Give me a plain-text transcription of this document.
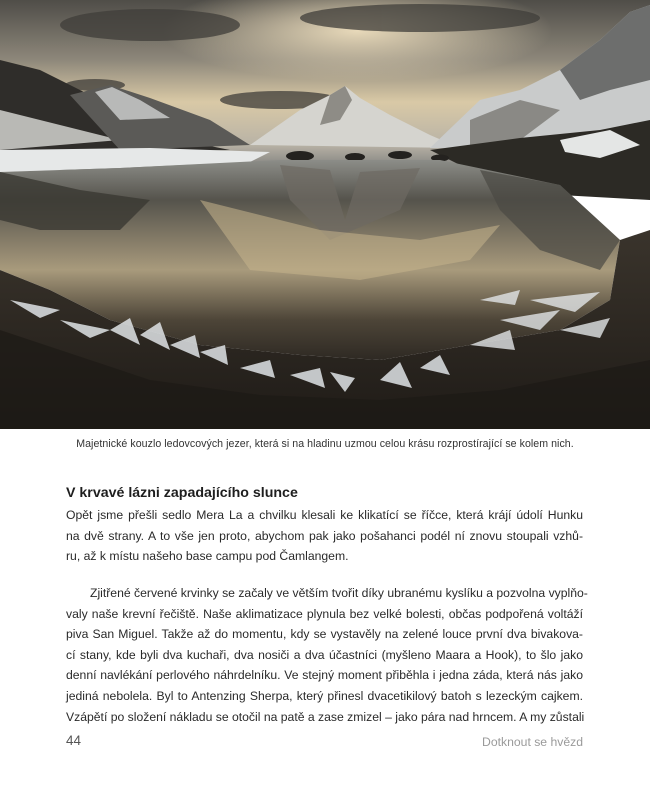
Majetnické kouzlo ledovcových jezer, která si na hladinu uzmou celou krásu rozprostírající se kolem nich.
V krvavé lázni zapadajícího slunce
Opět jsme přešli sedlo Mera La a chvilku klesali ke klikatící se říčce, která krájí údolí Hunku
na dvě strany. A to vše jen proto, abychom pak jako pošahanci podél ní znovu stoupali vzhů-
ru, až k místu našeho base campu pod Čamlangem.
Zjitřené červené krvinky se začaly ve větším tvořit díky ubranému kyslíku a pozvolna vyplňo-
valy naše krevní řečiště. Naše aklimatizace plynula bez velké bolesti, občas podpořená voltáží
piva San Miguel. Takže až do momentu, kdy se vystavěly na zelené louce první dva bivakova-
cí stany, kde byli dva kuchaři, dva nosiči a dva účastníci (myšleno Maara a Hook), to šlo jako
denní navlékání perlového náhrdelníku. Ve stejný moment přiběhla i jedna záda, která nás jako
jediná nebolela. Byl to Antenzing Sherpa, který přinesl dvacetikilový batoh s lezeckým cajkem.
Vzápětí po složení nákladu se otočil na patě a zase zmizel – jako pára nad hrncem. A my zůstali
44	Dotknout se hvězd
